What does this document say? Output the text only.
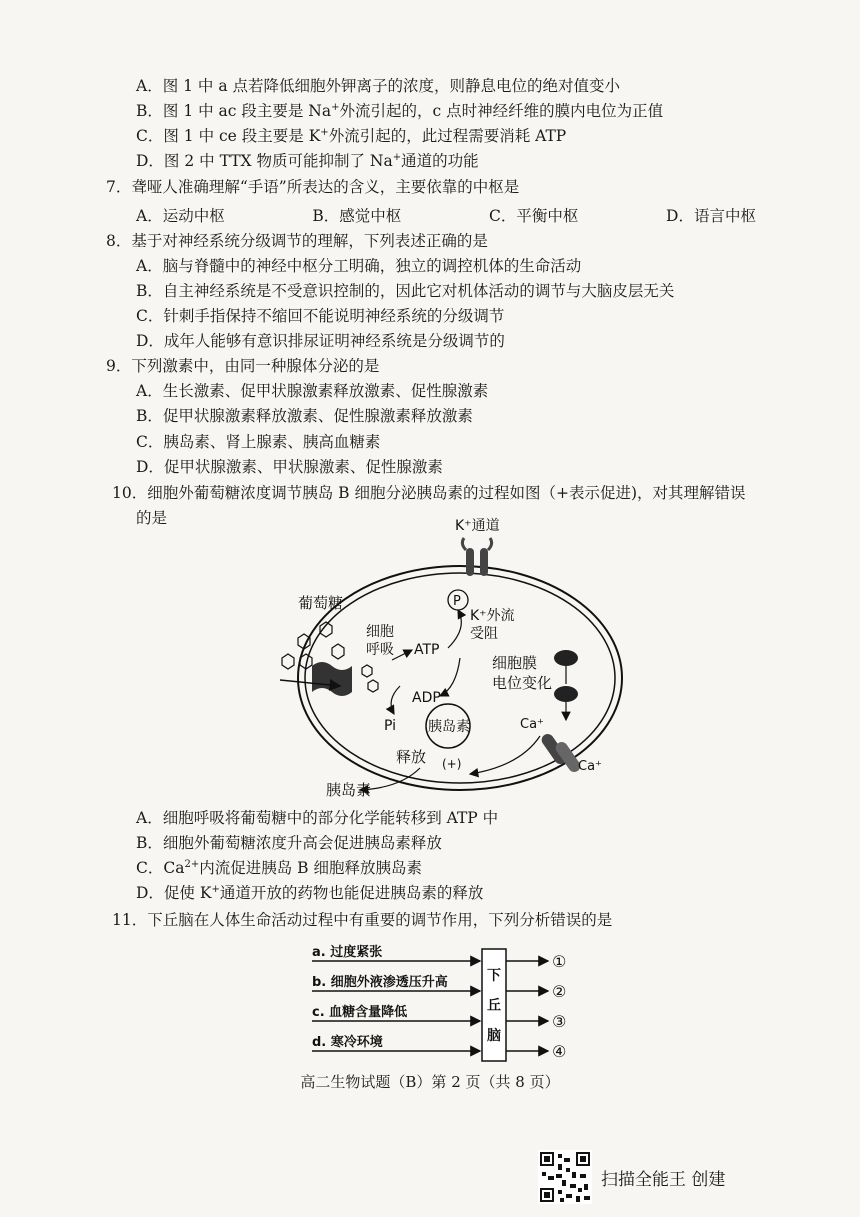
A．图 1 中 a 点若降低细胞外钾离子的浓度，则静息电位的绝对值变小
B．图 1 中 ac 段主要是 Na+外流引起的，c 点时神经纤维的膜内电位为正值
C．图 1 中 ce 段主要是 K+外流引起的，此过程需要消耗 ATP
D．图 2 中 TTX 物质可能抑制了 Na+通道的功能
7．聋哑人准确理解“手语”所表达的含义，主要依靠的中枢是
A．运动中枢	B．感觉中枢	C．平衡中枢	D．语言中枢
8．基于对神经系统分级调节的理解，下列表述正确的是
A．脑与脊髓中的神经中枢分工明确，独立的调控机体的生命活动
B．自主神经系统是不受意识控制的，因此它对机体活动的调节与大脑皮层无关
C．针刺手指保持不缩回不能说明神经系统的分级调节
D．成年人能够有意识排尿证明神经系统是分级调节的
9．下列激素中，由同一种腺体分泌的是
A．生长激素、促甲状腺激素释放激素、促性腺激素
B．促甲状腺激素释放激素、促性腺激素释放激素
C．胰岛素、肾上腺素、胰高血糖素
D．促甲状腺激素、甲状腺激素、促性腺激素
10．细胞外葡萄糖浓度调节胰岛 B 细胞分泌胰岛素的过程如图（+表示促进)，对其理解错误
的是	K⁺通道
葡萄糖
细胞
呼吸 ATP
P
K⁺外流
受阻
ADP
Pi
细胞膜
电位变化
Ca⁺
Ca⁺
胰岛素
释放 (+)
胰岛素
A．细胞呼吸将葡萄糖中的部分化学能转移到 ATP 中
B．细胞外葡萄糖浓度升高会促进胰岛素释放
C．$Ca^{2+}$内流促进胰岛 B 细胞释放胰岛素
D．促使 K+通道开放的药物也能促进胰岛素的释放
11．下丘脑在人体生命活动过程中有重要的调节作用，下列分析错误的是
a. 过度紧张
b. 细胞外液渗透压升高
c. 血糖含量降低
d. 寒冷环境
下
丘
脑
①
②
③
④
高二生物试题（B）第 2 页（共 8 页）
扫描全能王 创建
